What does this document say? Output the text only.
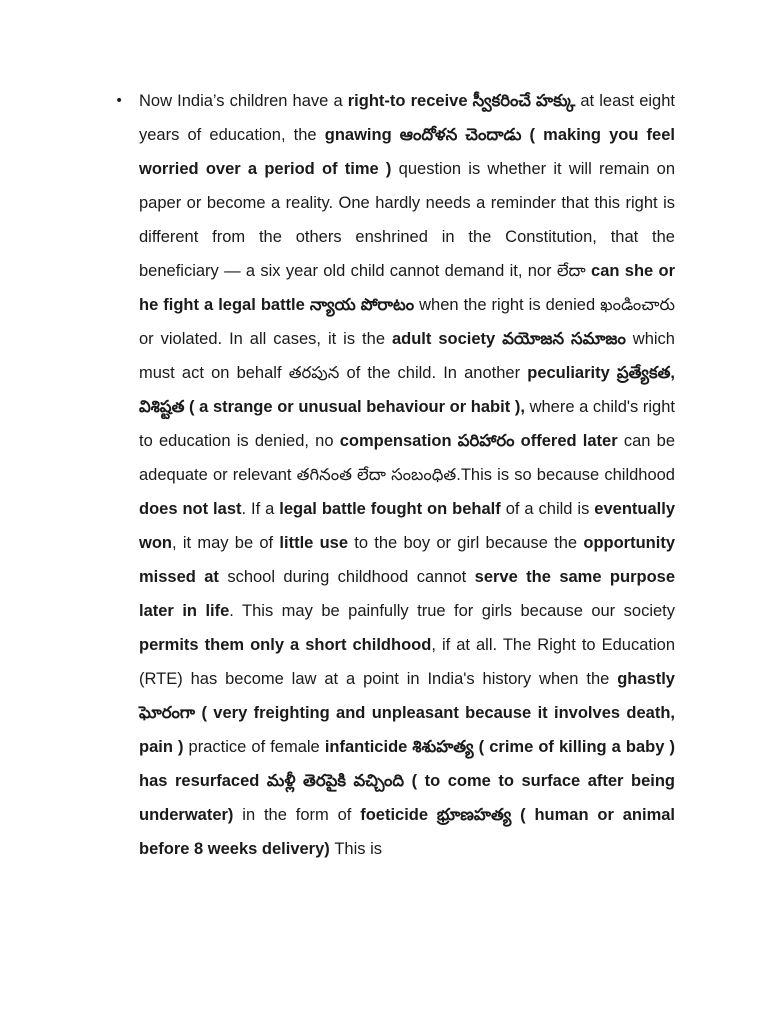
• Now India’s children have a right-to receive స్వీకరించే హక్కు at least eight years of education, the gnawing ఆందోళన చెందాడు ( making you feel worried over a period of time ) question is whether it will remain on paper or become a reality. One hardly needs a reminder that this right is different from the others enshrined in the Constitution, that the beneficiary — a six year old child cannot demand it, nor లేదా can she or he fight a legal battle న్యాయ పోరాటం when the right is denied ఖండించారు or violated. In all cases, it is the adult society వయోజన సమాజం which must act on behalf తరపున of the child. In another peculiarity ప్రత్యేకత, విశిష్టత ( a strange or unusual behaviour or habit ), where a child's right to education is denied, no compensation పరిహారం offered later can be adequate or relevant తగినంత లేదా సంబంధిత.This is so because childhood does not last. If a legal battle fought on behalf of a child is eventually won, it may be of little use to the boy or girl because the opportunity missed at school during childhood cannot serve the same purpose later in life. This may be painfully true for girls because our society permits them only a short childhood, if at all. The Right to Education (RTE) has become law at a point in India's history when the ghastly ఘోరంగా ( very freighting and unpleasant because it involves death, pain ) practice of female infanticide శిశుహత్య ( crime of killing a baby ) has resurfaced మళ్లీ తెరపైకి వచ్చింది ( to come to surface after being underwater) in the form of foeticide భ్రూణహత్య ( human or animal before 8 weeks delivery) This is
